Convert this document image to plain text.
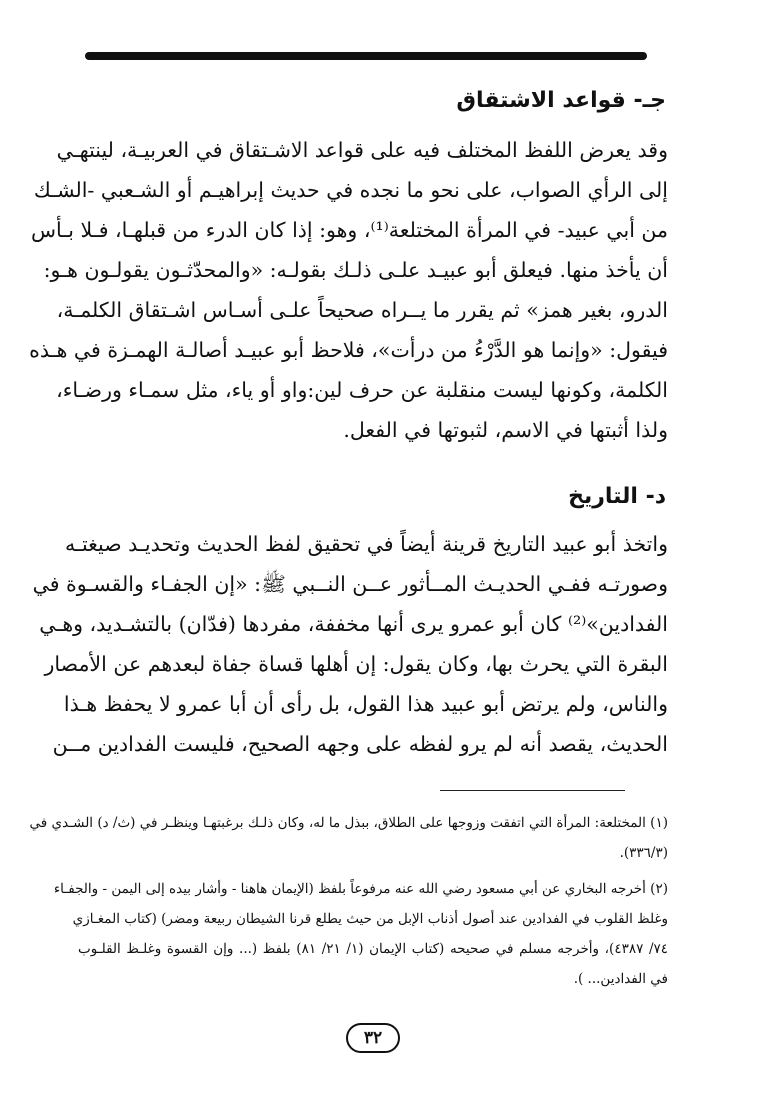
جـ- قواعد الاشتقاق
وقد يعرض اللفظ المختلف فيه على قواعد الاشـتقاق في العربيـة، لينتهـي
إلى الرأي الصواب، على نحو ما نجده في حديث إبراهيـم أو الشـعبي -الشـك
من أبي عبيد- في المرأة المختلعة⁽¹⁾، وهو: إذا كان الدرء من قبلهـا، فـلا بـأس
أن يأخذ منها. فيعلق أبو عبيـد علـى ذلـك بقولـه: «والمحدّثـون يقولـون هـو:
الدرو، بغير همز» ثم يقرر ما يــراه صحيحاً علـى أسـاس اشـتقاق الكلمـة،
فيقول: «وإنما هو الدَّرْءُ من درأت»، فلاحظ أبو عبيـد أصالـة الهمـزة في هـذه
الكلمة، وكونها ليست منقلبة عن حرف لين:واو أو ياء، مثل سمـاء ورضـاء،
ولذا أثبتها في الاسم، لثبوتها في الفعل.
د- التاريخ
واتخذ أبو عبيد التاريخ قرينة أيضاً في تحقيق لفظ الحديث وتحديـد صيغتـه
وصورتـه ففـي الحديـث المــأثور عــن النــبي ﷺ: «إن الجفـاء والقسـوة في
الفدادين»⁽²⁾ كان أبو عمرو يرى أنها مخففة، مفردها (فدّان) بالتشـديد، وهـي
البقرة التي يحرث بها، وكان يقول: إن أهلها قساة جفاة لبعدهم عن الأمصار
والناس، ولم يرتض أبو عبيد هذا القول، بل رأى أن أبا عمرو لا يحفظ هـذا
الحديث، يقصد أنه لم يرو لفظه على وجهه الصحيح، فليست الفدادين مــن
(١) المختلعة: المرأة التي اتفقت وزوجها على الطلاق، ببذل ما له، وكان ذلـك برغبتهـا وينظـر في (ث/ د) الشـدي في
(٣٣٦/٣).
(٢) أخرجه البخاري عن أبي مسعود رضي الله عنه مرفوعاً بلفظ (الإيمان هاهنا - وأشار بيده إلى اليمن - والجفـاء
وغلظ القلوب في الفدادين عند أصول أذناب الإبل من حيث يطلع قرنا الشيطان ربيعة ومضر) (كتاب المغـازي
٧٤/ ٤٣٨٧)، وأخرجه مسلم في صحيحه (كتاب الإيمان (١/ ٢١/ ٨١) بلفظ (... وإن القسوة وغلـظ القلـوب
في الفدادين... ).
٣٢
